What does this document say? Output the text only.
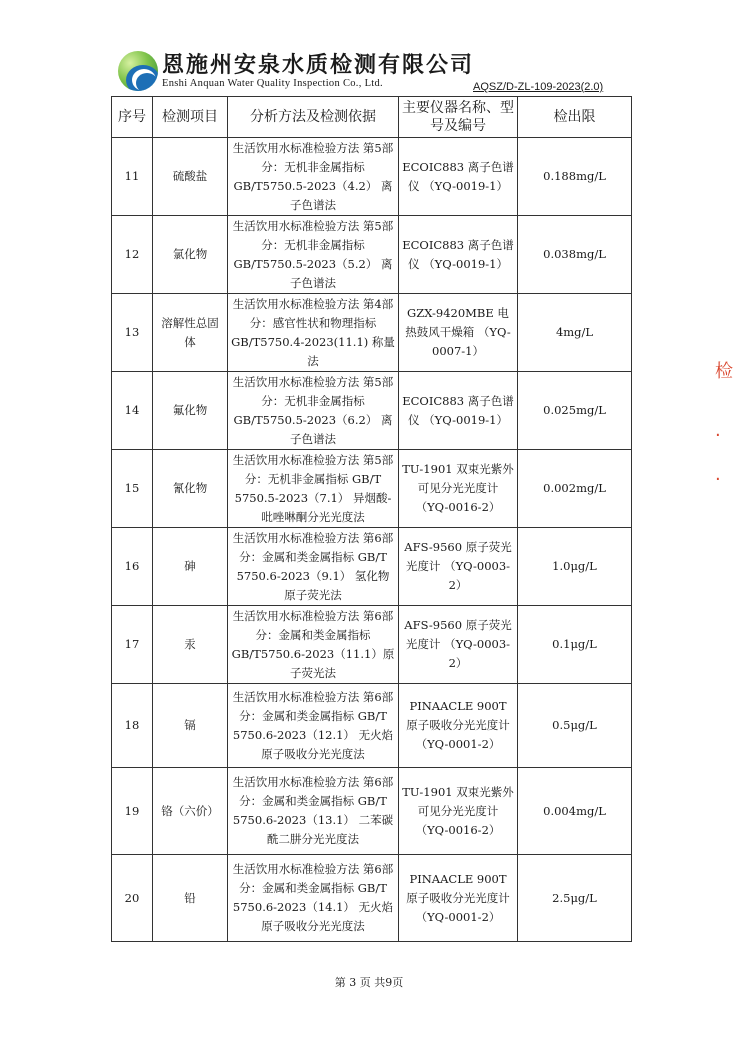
恩施州安泉水质检测有限公司
Enshi Anquan Water Quality Inspection Co., Ltd.	AQSZ/D-ZL-109-2023(2.0)
序号	检测项目	分析方法及检测依据	主要仪器名称、型号及编号	检出限
11	硫酸盐	生活饮用水标准检验方法 第5部分：无机非金属指标 GB/T5750.5-2023（4.2） 离子色谱法	ECOIC883 离子色谱仪 （YQ-0019-1）	0.188mg/L
12	氯化物	生活饮用水标准检验方法 第5部分：无机非金属指标 GB/T5750.5-2023（5.2） 离子色谱法	ECOIC883 离子色谱仪 （YQ-0019-1）	0.038mg/L
13	溶解性总固体	生活饮用水标准检验方法 第4部分：感官性状和物理指标 GB/T5750.4-2023(11.1) 称量法	GZX-9420MBE 电热鼓风干燥箱 （YQ-0007-1）	4mg/L
14	氟化物	生活饮用水标准检验方法 第5部分：无机非金属指标 GB/T5750.5-2023（6.2） 离子色谱法	ECOIC883 离子色谱仪 （YQ-0019-1）	0.025mg/L
15	氰化物	生活饮用水标准检验方法 第5部分：无机非金属指标 GB/T 5750.5-2023（7.1） 异烟酸-吡唑啉酮分光光度法	TU-1901 双束光紫外可见分光光度计 （YQ-0016-2）	0.002mg/L
16	砷	生活饮用水标准检验方法 第6部分：金属和类金属指标 GB/T 5750.6-2023（9.1） 氢化物原子荧光法	AFS-9560 原子荧光光度计 （YQ-0003-2）	1.0μg/L
17	汞	生活饮用水标准检验方法 第6部分：金属和类金属指标 GB/T5750.6-2023（11.1）原子荧光法	AFS-9560 原子荧光光度计 （YQ-0003-2）	0.1μg/L
18	镉	生活饮用水标准检验方法 第6部分：金属和类金属指标 GB/T 5750.6-2023（12.1） 无火焰原子吸收分光光度法	PINAACLE 900T 原子吸收分光光度计（YQ-0001-2）	0.5μg/L
19	铬（六价）	生活饮用水标准检验方法 第6部分：金属和类金属指标 GB/T 5750.6-2023（13.1） 二苯碳酰二肼分光光度法	TU-1901 双束光紫外可见分光光度计 （YQ-0016-2）	0.004mg/L
20	铅	生活饮用水标准检验方法 第6部分：金属和类金属指标 GB/T 5750.6-2023（14.1） 无火焰原子吸收分光光度法	PINAACLE 900T 原子吸收分光光度计（YQ-0001-2）	2.5μg/L
第 3 页 共9页
检
·
·
